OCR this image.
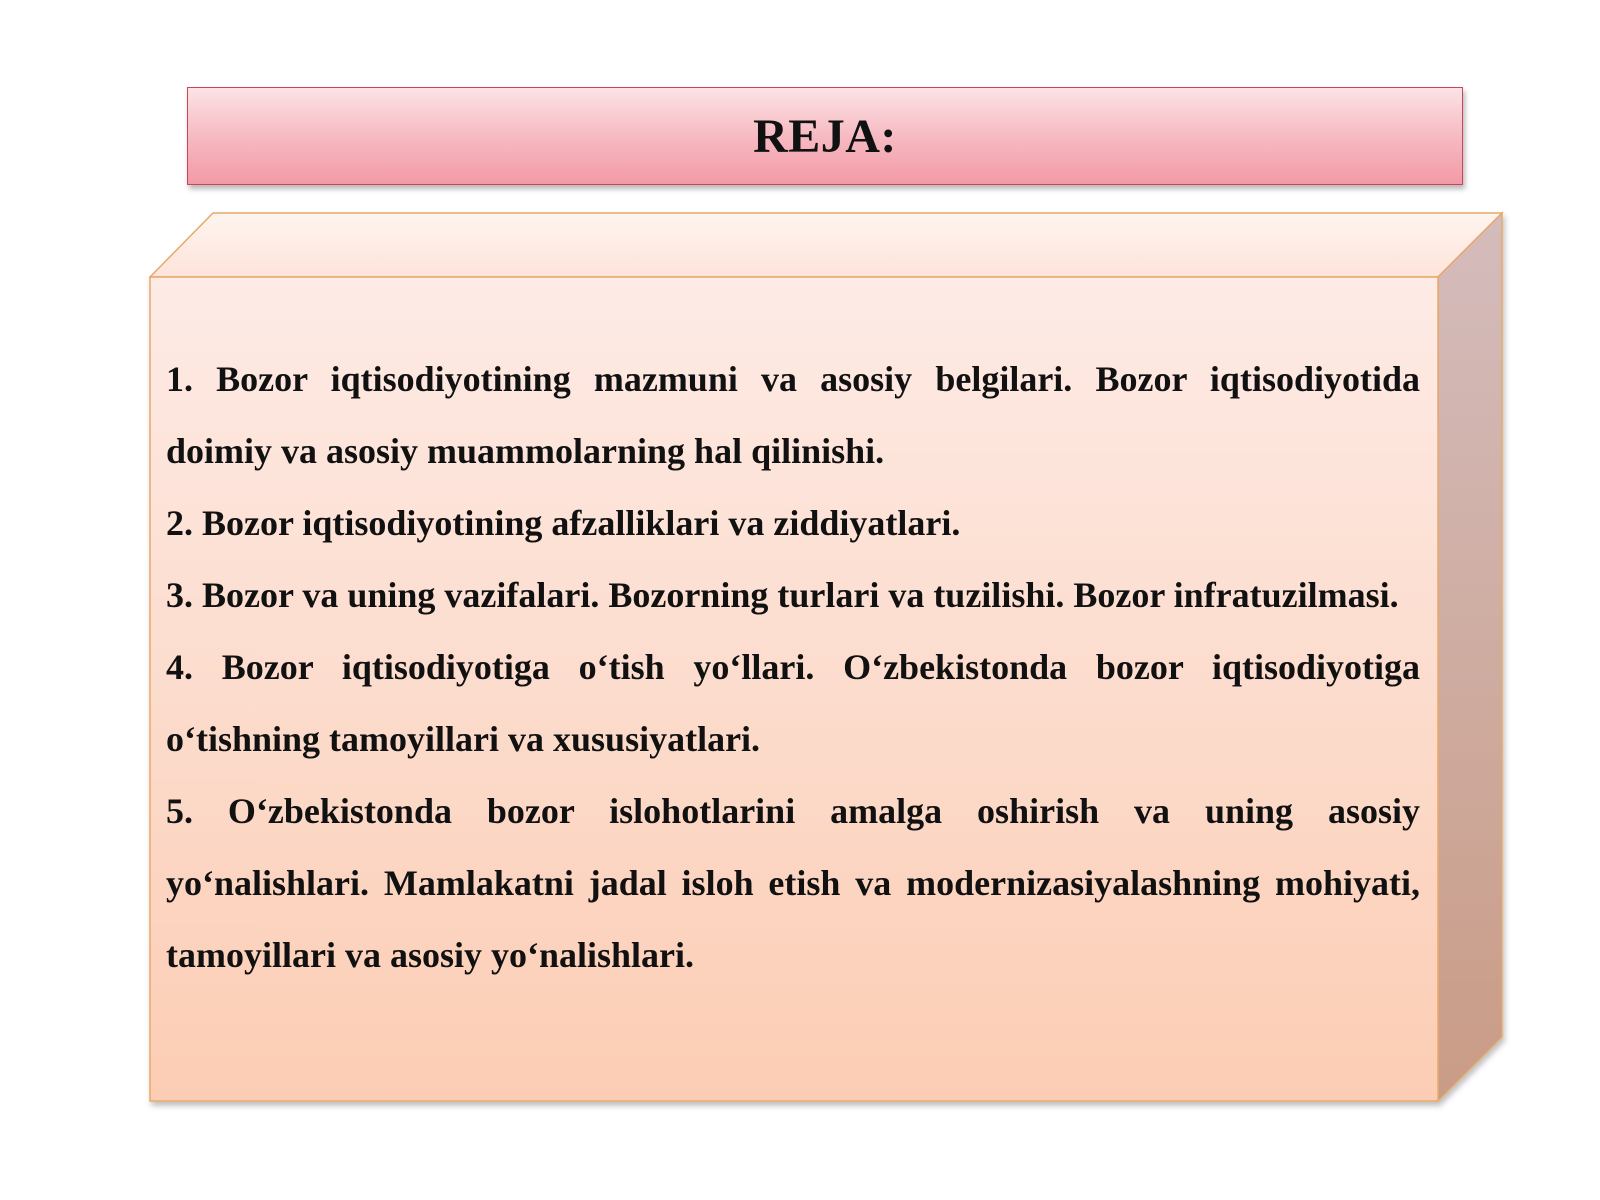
REJA:

1. Bozor iqtisodiyotining mazmuni va asosiy belgilari. Bozor iqtisodiyotida doimiy va asosiy muammolarning hal qilinishi.

2. Bozor iqtisodiyotining afzalliklari va ziddiyatlari.

3. Bozor va uning vazifalari. Bozorning turlari va tuzilishi. Bozor infratuzilmasi.

4. Bozor iqtisodiyotiga o‘tish yo‘llari. O‘zbekistonda bozor iqtisodiyotiga o‘tishning tamoyillari va xususiyatlari.

5. O‘zbekistonda bozor islohotlarini amalga oshirish va uning asosiy yo‘nalishlari. Mamlakatni jadal isloh etish va modernizasiyalashning mohiyati, tamoyillari va asosiy yo‘nalishlari.
